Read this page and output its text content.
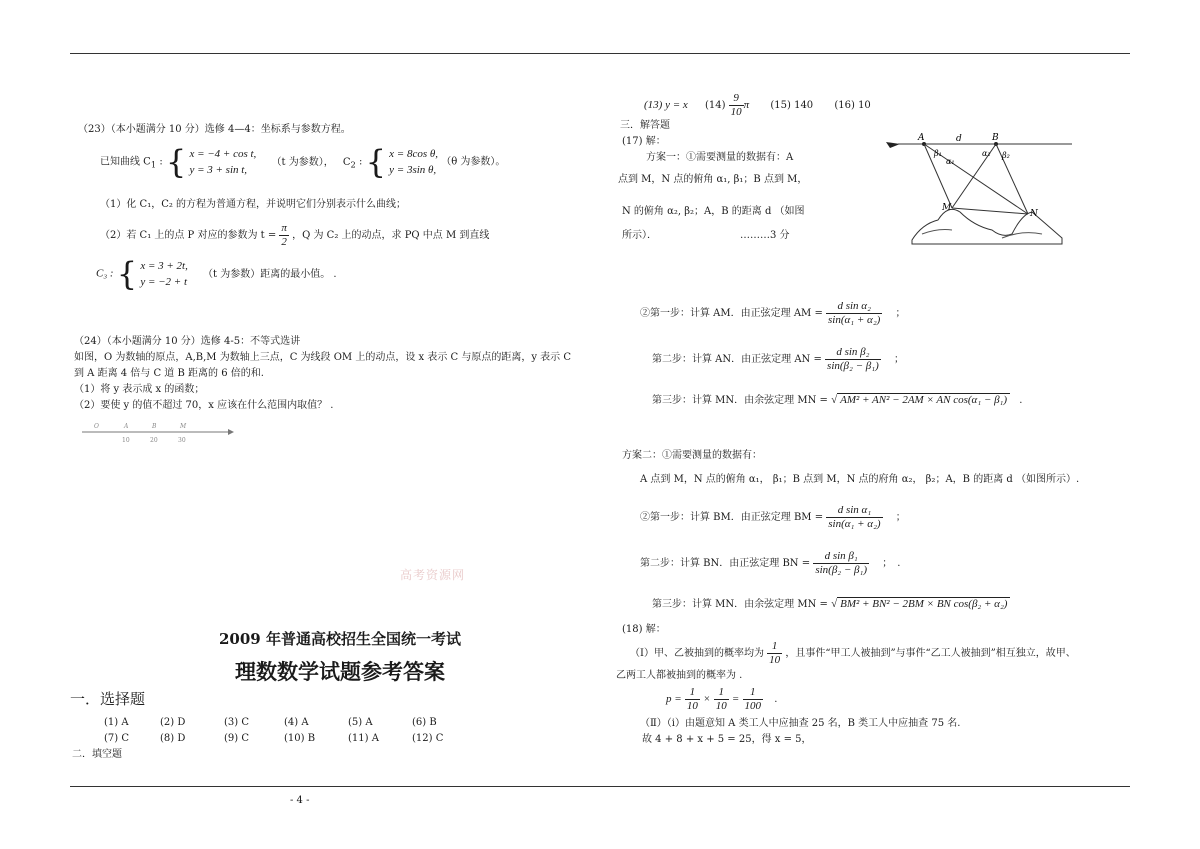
（23）（本小题满分 10 分）选修 4—4：坐标系与参数方程。
已知曲线 $C_1$ : { x = −4 + cos t,
y = 3 + sin t, （t 为参数）， $C_2$ : { x = 8cos θ,
y = 3sin θ, （θ 为参数）。
（1）化 C₁，C₂ 的方程为普通方程，并说明它们分别表示什么曲线；
（2）若 C₁ 上的点 P 对应的参数为 $t = \frac{\pi}{2}$ ，Q 为 C₂ 上的动点，求 PQ 中点 M 到直线
C₃ : { x = 3 + 2t,
y = −2 + t （t 为参数）距离的最小值。 .
（24）（本小题满分 10 分）选修 4-5：不等式选讲
如图，O 为数轴的原点，A,B,M 为数轴上三点，C 为线段 OM 上的动点，设 x 表示 C 与原点的距离，y 表示 C
到 A 距离 4 倍与 C 道 B 距离的 6 倍的和.
（1）将 y 表示成 x 的函数；
（2）要使 y 的值不超过 70，x 应该在什么范围内取值？ .
O	A	B	M
10	20	30
高考资源网
2009 年普通高校招生全国统一考试
理数数学试题参考答案
一．选择题
(1) A	(2) D	(3) C	(4) A	(5) A	(6) B
(7) C	(8) D	(9) C	(10) B	(11) A	(12) C
二．填空题
(13) y = x $(14) \frac{9}{10}$ π (15) 140 (16) 10
三．解答题
(17) 解：
方案一：①需要测量的数据有：A
点到 M，N 点的俯角 α₁, β₁；B 点到 M，
N 的俯角 α₂, β₂；A，B 的距离 d （如图
所示）．	………3 分
A	d	B
β₁	α₂ β₂
α₁
M
N
②第一步：计算 AM．由正弦定理 AM = $\frac{\text{d sin α₂}}{\text{sin(α₁ + α₂)}}$ ；
第二步：计算 AN．由正弦定理 AN = $\frac{\text{d sin β₂}}{\text{sin(β₂ − β₁)}}$ ；
第三步：计算 MN．由余弦定理 MN = √ AM² + AN² − 2AM × AN cos(α₁ − β₁) .
方案二：①需要测量的数据有：
A 点到 M，N 点的俯角 α₁， β₁；B 点到 M，N 点的府角 α₂， β₂；A，B 的距离 d （如图所示）.
②第一步：计算 BM．由正弦定理 BM = $\frac{\text{d sin α₁}}{\text{sin(α₁ + α₂)}}$ ；
第二步：计算 BN．由正弦定理 BN = $\frac{\text{d sin β₁}}{\text{sin(β₂ − β₁)}}$ ；　.
第三步：计算 MN．由余弦定理 MN = √ BM² + BN² − 2BM × BN cos(β₂ + α₂)
(18) 解：
（Ⅰ）甲、乙被抽到的概率均为 $\frac{1}{10}$ ，且事件“甲工人被抽到”与事件“乙工人被抽到”相互独立，故甲、
乙两工人都被抽到的概率为 .
$p = \frac{1}{10} \times \frac{1}{10} = \frac{1}{100}$ .
（Ⅱ）（i）由题意知 A 类工人中应抽查 25 名，B 类工人中应抽查 75 名.
故 4 + 8 + x + 5 = 25，得 x = 5，
- 4 -
